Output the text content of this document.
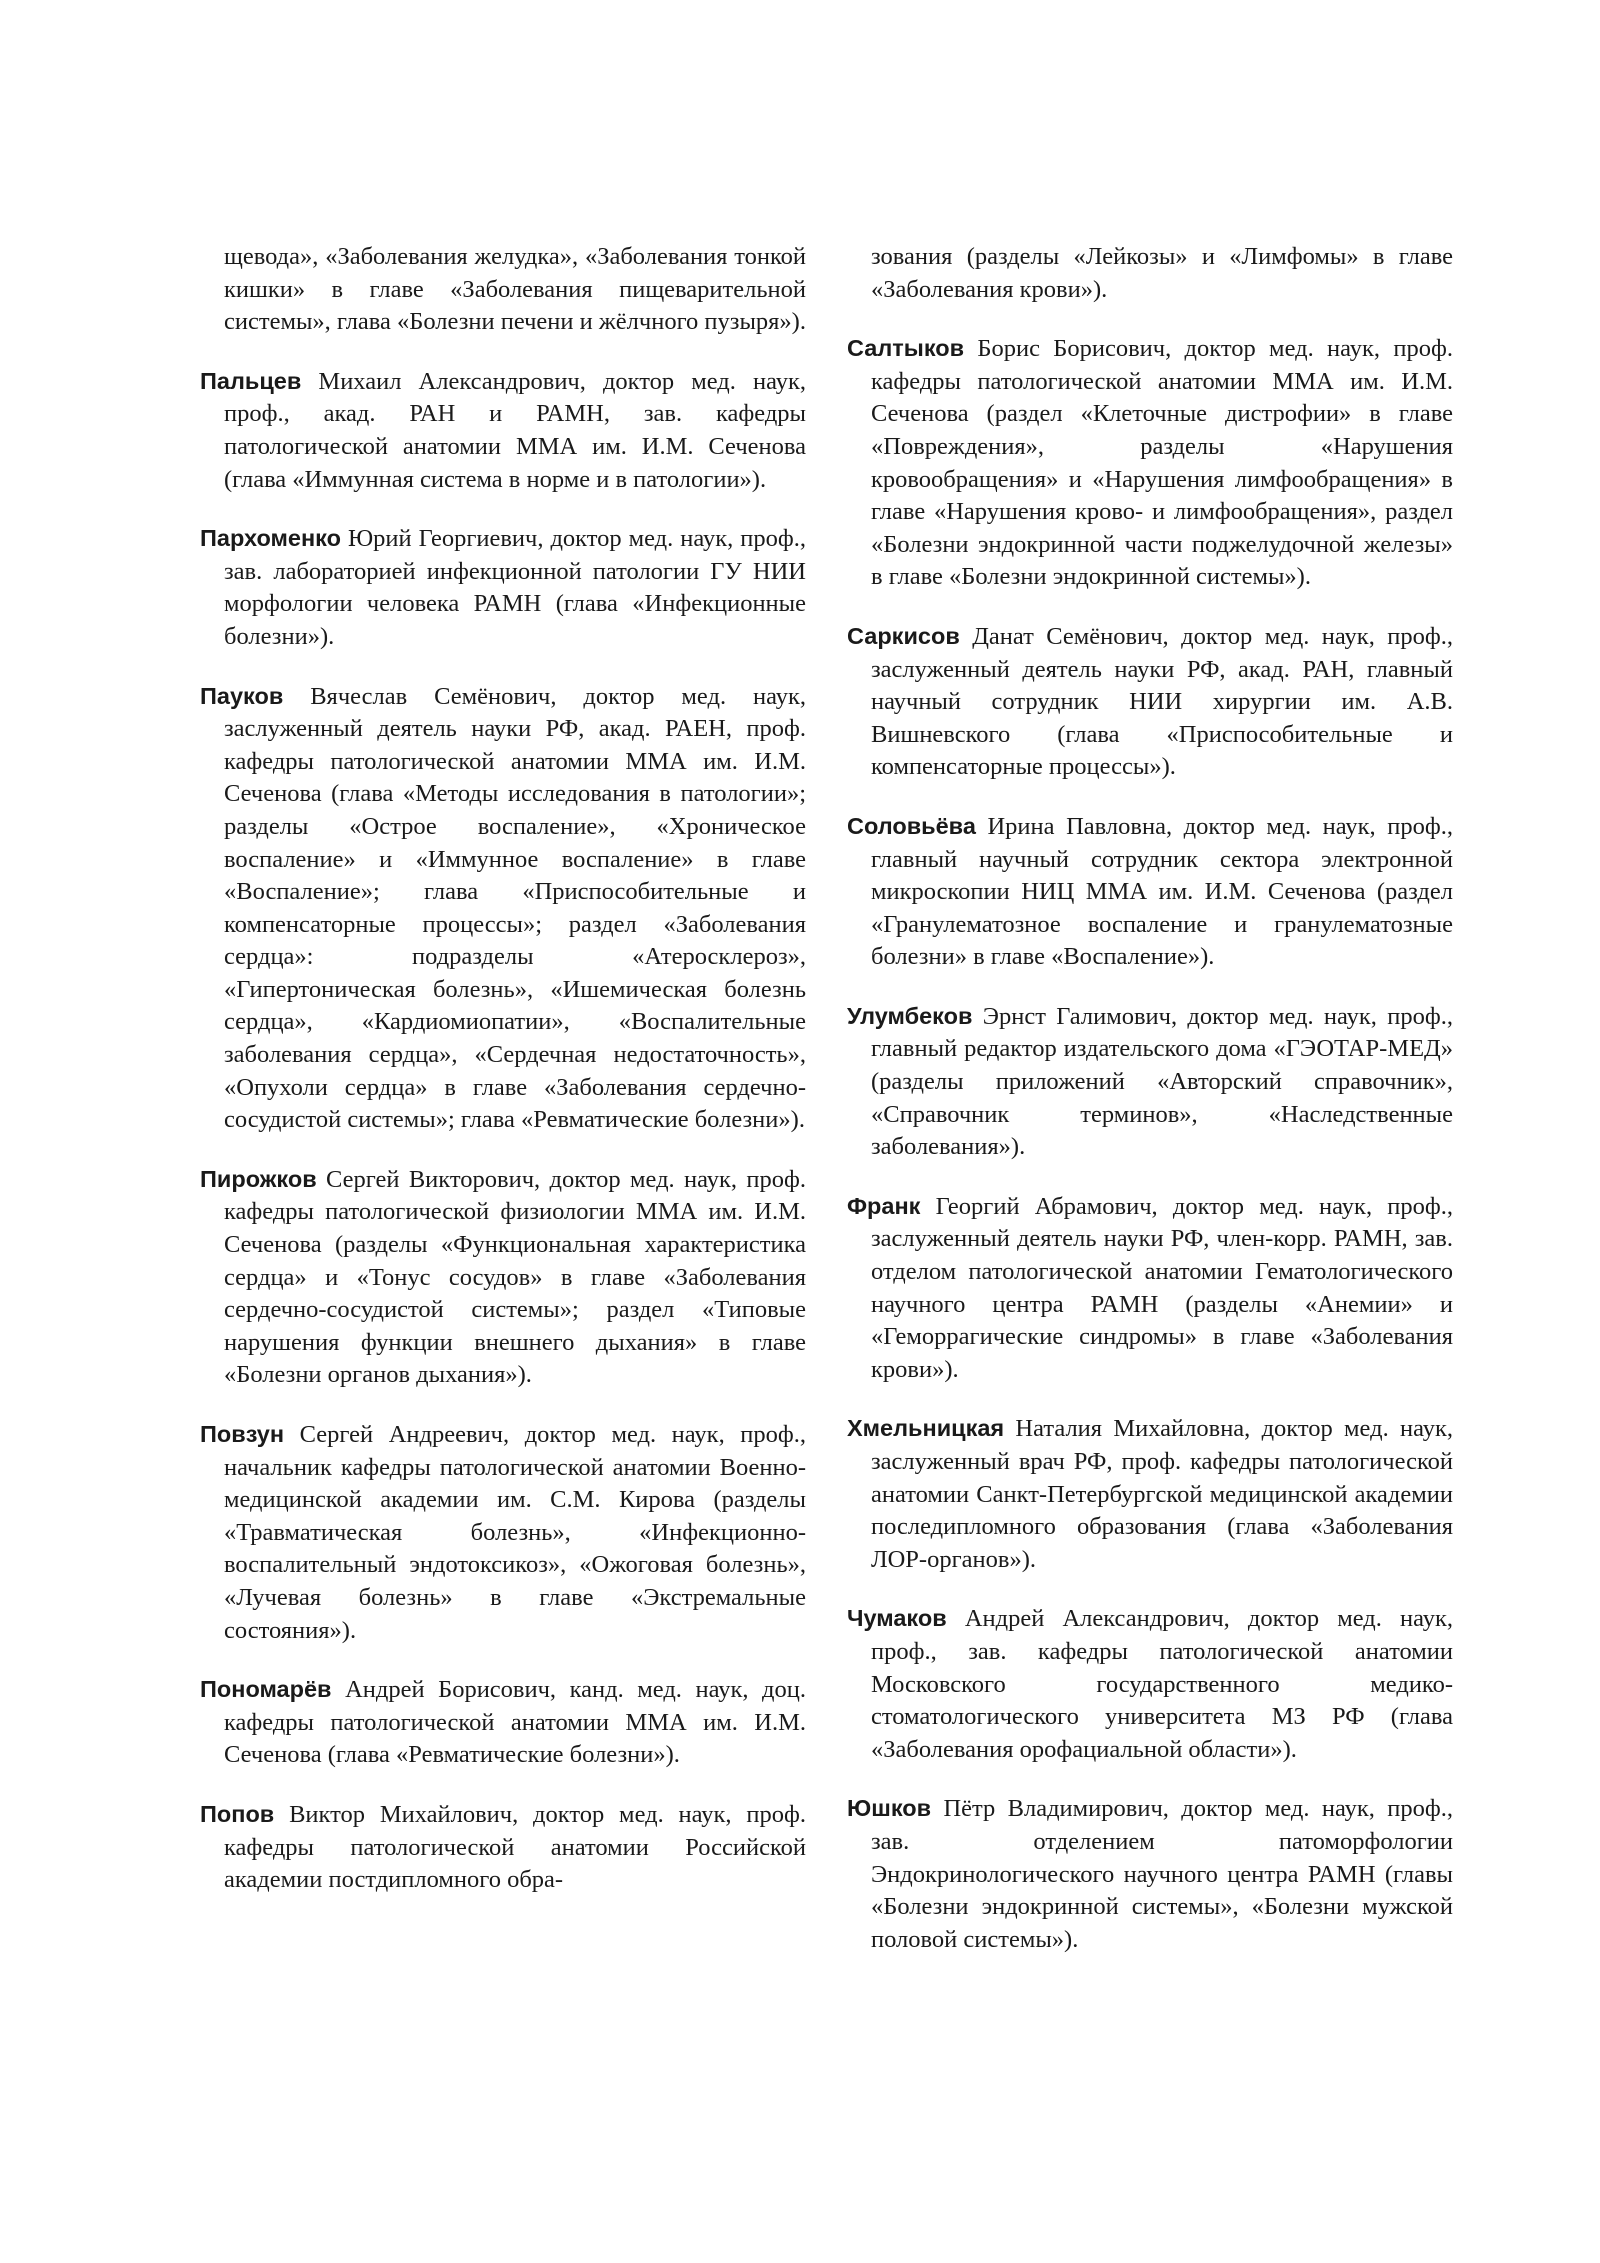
щевода», «Заболевания желудка», «Заболевания тонкой кишки» в главе «Заболевания пищеварительной системы», глава «Болезни печени и жёлчного пузыря»).

Пальцев Михаил Александрович, доктор мед. наук, проф., акад. РАН и РАМН, зав. кафедры патологической анатомии ММА им. И.М. Сеченова (глава «Иммунная система в норме и в патологии»).

Пархоменко Юрий Георгиевич, доктор мед. наук, проф., зав. лабораторией инфекционной патологии ГУ НИИ морфологии человека РАМН (глава «Инфекционные болезни»).

Пауков Вячеслав Семёнович, доктор мед. наук, заслуженный деятель науки РФ, акад. РАЕН, проф. кафедры патологической анатомии ММА им. И.М. Сеченова (глава «Методы исследования в патологии»; разделы «Острое воспаление», «Хроническое воспаление» и «Иммунное воспаление» в главе «Воспаление»; глава «Приспособительные и компенсаторные процессы»; раздел «Заболевания сердца»: подразделы «Атеросклероз», «Гипертоническая болезнь», «Ишемическая болезнь сердца», «Кардиомиопатии», «Воспалительные заболевания сердца», «Сердечная недостаточность», «Опухоли сердца» в главе «Заболевания сердечно-сосудистой системы»; глава «Ревматические болезни»).

Пирожков Сергей Викторович, доктор мед. наук, проф. кафедры патологической физиологии ММА им. И.М. Сеченова (разделы «Функциональная характеристика сердца» и «Тонус сосудов» в главе «Заболевания сердечно-сосудистой системы»; раздел «Типовые нарушения функции внешнего дыхания» в главе «Болезни органов дыхания»).

Повзун Сергей Андреевич, доктор мед. наук, проф., начальник кафедры патологической анатомии Военно-медицинской академии им. С.М. Кирова (разделы «Травматическая болезнь», «Инфекционно-воспалительный эндотоксикоз», «Ожоговая болезнь», «Лучевая болезнь» в главе «Экстремальные состояния»).

Пономарёв Андрей Борисович, канд. мед. наук, доц. кафедры патологической анатомии ММА им. И.М. Сеченова (глава «Ревматические болезни»).

Попов Виктор Михайлович, доктор мед. наук, проф. кафедры патологической анатомии Российской академии постдипломного обра-

зования (разделы «Лейкозы» и «Лимфомы» в главе «Заболевания крови»).

Салтыков Борис Борисович, доктор мед. наук, проф. кафедры патологической анатомии ММА им. И.М. Сеченова (раздел «Клеточные дистрофии» в главе «Повреждения», разделы «Нарушения кровообращения» и «Нарушения лимфообращения» в главе «Нарушения крово- и лимфообращения», раздел «Болезни эндокринной части поджелудочной железы» в главе «Болезни эндокринной системы»).

Саркисов Данат Семёнович, доктор мед. наук, проф., заслуженный деятель науки РФ, акад. РАН, главный научный сотрудник НИИ хирургии им. А.В. Вишневского (глава «Приспособительные и компенсаторные процессы»).

Соловьёва Ирина Павловна, доктор мед. наук, проф., главный научный сотрудник сектора электронной микроскопии НИЦ ММА им. И.М. Сеченова (раздел «Гранулематозное воспаление и гранулематозные болезни» в главе «Воспаление»).

Улумбеков Эрнст Галимович, доктор мед. наук, проф., главный редактор издательского дома «ГЭОТАР-МЕД» (разделы приложений «Авторский справочник», «Справочник терминов», «Наследственные заболевания»).

Франк Георгий Абрамович, доктор мед. наук, проф., заслуженный деятель науки РФ, член-корр. РАМН, зав. отделом патологической анатомии Гематологического научного центра РАМН (разделы «Анемии» и «Геморрагические синдромы» в главе «Заболевания крови»).

Хмельницкая Наталия Михайловна, доктор мед. наук, заслуженный врач РФ, проф. кафедры патологической анатомии Санкт-Петербургской медицинской академии последипломного образования (глава «Заболевания ЛОР-органов»).

Чумаков Андрей Александрович, доктор мед. наук, проф., зав. кафедры патологической анатомии Московского государственного медико-стоматологического университета МЗ РФ (глава «Заболевания орофациальной области»).

Юшков Пётр Владимирович, доктор мед. наук, проф., зав. отделением патоморфологии Эндокринологического научного центра РАМН (главы «Болезни эндокринной системы», «Болезни мужской половой системы»).
